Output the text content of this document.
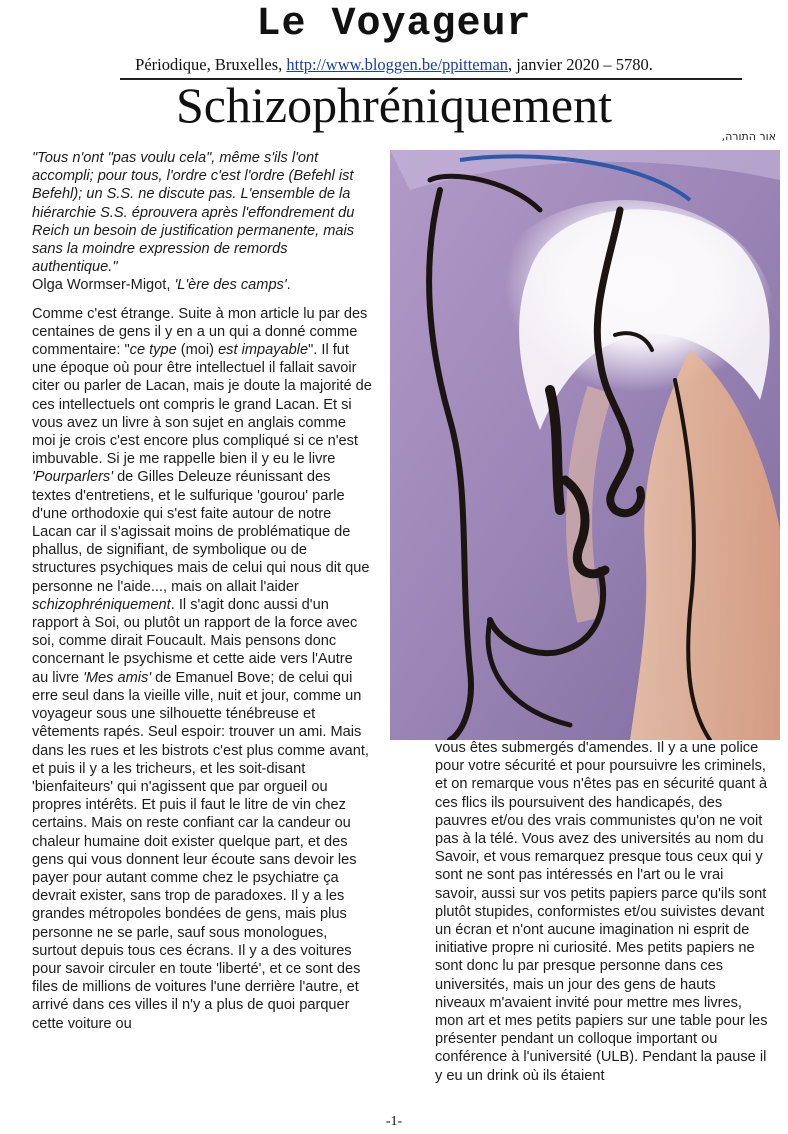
Le Voyageur
Périodique, Bruxelles, http://www.bloggen.be/ppitteman, janvier 2020 – 5780.
Schizophréniquement
אור התורה,

"Tous n'ont "pas voulu cela", même s'ils l'ont accompli; pour tous, l'ordre c'est l'ordre (Befehl ist Befehl); un S.S. ne discute pas. L'ensemble de la hiérarchie S.S. éprouvera après l'effondrement du Reich un besoin de justification permanente, mais sans la moindre expression de remords authentique."

Olga Wormser-Migot, 'L'ère des camps'.

Comme c'est étrange. Suite à mon article lu par des centaines de gens il y en a un qui a donné comme commentaire: "ce type (moi) est impayable". Il fut une époque où pour être intellectuel il fallait savoir citer ou parler de Lacan, mais je doute la majorité de ces intellectuels ont compris le grand Lacan. Et si vous avez un livre à son sujet en anglais comme moi je crois c'est encore plus compliqué si ce n'est imbuvable. Si je me rappelle bien il y eu le livre 'Pourparlers' de Gilles Deleuze réunissant des textes d'entretiens, et le sulfurique 'gourou' parle d'une orthodoxie qui s'est faite autour de notre Lacan car il s'agissait moins de problématique de phallus, de signifiant, de symbolique ou de structures psychiques mais de celui qui nous dit que personne ne l'aide..., mais on allait l'aider schizophréniquement. Il s'agit donc aussi d'un rapport à Soi, ou plutôt un rapport de la force avec soi, comme dirait Foucault. Mais pensons donc concernant le psychisme et cette aide vers l'Autre au livre 'Mes amis' de Emanuel Bove; de celui qui erre seul dans la vieille ville, nuit et jour, comme un voyageur sous une silhouette ténébreuse et vêtements rapés. Seul espoir: trouver un ami. Mais dans les rues et les bistrots c'est plus comme avant, et puis il y a les tricheurs, et les soit-disant 'bienfaiteurs' qui n'agissent que par orgueil ou propres intérêts. Et puis il faut le litre de vin chez certains. Mais on reste confiant car la candeur ou chaleur humaine doit exister quelque part, et des gens qui vous donnent leur écoute sans devoir les payer pour autant comme chez le psychiatre ça devrait exister, sans trop de paradoxes. Il y a les grandes métropoles bondées de gens, mais plus personne ne se parle, sauf sous monologues, surtout depuis tous ces écrans. Il y a des voitures pour savoir circuler en toute 'liberté', et ce sont des files de millions de voitures l'une derrière l'autre, et arrivé dans ces villes il n'y a plus de quoi parquer cette voiture ou

vous êtes submergés d'amendes. Il y a une police pour votre sécurité et pour poursuivre les criminels, et on remarque vous n'êtes pas en sécurité quant à ces flics ils poursuivent des handicapés, des pauvres et/ou des vrais communistes qu'on ne voit pas à la télé. Vous avez des universités au nom du Savoir, et vous remarquez presque tous ceux qui y sont ne sont pas intéressés en l'art ou le vrai savoir, aussi sur vos petits papiers parce qu'ils sont plutôt stupides, conformistes et/ou suivistes devant un écran et n'ont aucune imagination ni esprit de initiative propre ni curiosité. Mes petits papiers ne sont donc lu par presque personne dans ces universités, mais un jour des gens de hauts niveaux m'avaient invité pour mettre mes livres, mon art et mes petits papiers sur une table pour les présenter pendant un colloque important ou conférence à l'université (ULB). Pendant la pause il y eu un drink où ils étaient

-1-
